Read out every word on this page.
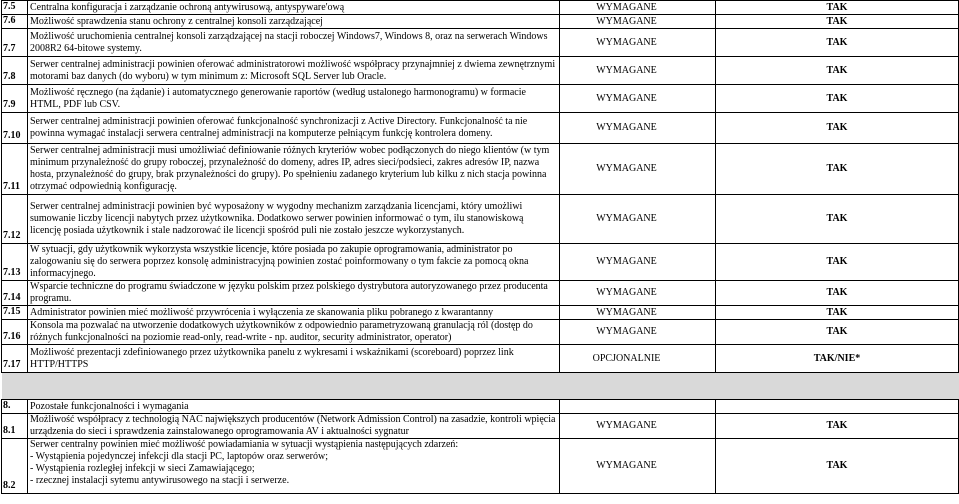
7.5	Centralna konfiguracja i zarządzanie ochroną antywirusową, antyspyware'ową	WYMAGANE	TAK
7.6	Możliwość sprawdzenia stanu ochrony z centralnej konsoli zarządzającej	WYMAGANE	TAK
7.7	Możliwość uruchomienia centralnej konsoli zarządzającej na stacji roboczej Windows7, Windows 8, oraz na serwerach Windows 2008R2 64-bitowe systemy.	WYMAGANE	TAK
7.8	Serwer centralnej administracji powinien oferować administratorowi możliwość współpracy przynajmniej z dwiema zewnętrznymi motorami baz danych (do wyboru) w tym minimum z: Microsoft SQL Server lub Oracle.	WYMAGANE	TAK
7.9	Możliwość ręcznego (na żądanie) i automatycznego generowanie raportów (według ustalonego harmonogramu) w formacie HTML, PDF lub CSV.	WYMAGANE	TAK
7.10	Serwer centralnej administracji powinien oferować funkcjonalność synchronizacji z Active Directory. Funkcjonalność ta nie powinna wymagać instalacji serwera centralnej administracji na komputerze pełniącym funkcję kontrolera domeny.	WYMAGANE	TAK
7.11	Serwer centralnej administracji musi umożliwiać definiowanie różnych kryteriów wobec podłączonych do niego klientów (w tym minimum przynależność do grupy roboczej, przynależność do domeny, adres IP, adres sieci/podsieci, zakres adresów IP, nazwa hosta, przynależność do grupy, brak przynależności do grupy). Po spełnieniu zadanego kryterium lub kilku z nich stacja powinna otrzymać odpowiednią konfigurację.	WYMAGANE	TAK
7.12	Serwer centralnej administracji powinien być wyposażony w wygodny mechanizm zarządzania licencjami, który umożliwi sumowanie liczby licencji nabytych przez użytkownika. Dodatkowo serwer powinien informować o tym, ilu stanowiskową licencję posiada użytkownik i stale nadzorować ile licencji spośród puli nie zostało jeszcze wykorzystanych.	WYMAGANE	TAK
7.13	W sytuacji, gdy użytkownik wykorzysta wszystkie licencje, które posiada po zakupie oprogramowania, administrator po zalogowaniu się do serwera poprzez konsolę administracyjną powinien zostać poinformowany o tym fakcie za pomocą okna informacyjnego.	WYMAGANE	TAK
7.14	Wsparcie techniczne do programu świadczone w języku polskim przez polskiego dystrybutora autoryzowanego przez producenta programu.	WYMAGANE	TAK
7.15	Administrator powinien mieć możliwość przywrócenia i wyłączenia ze skanowania pliku pobranego z kwarantanny	WYMAGANE	TAK
7.16	Konsola ma pozwalać na utworzenie dodatkowych użytkowników z odpowiednio parametryzowaną granulacją ról (dostęp do różnych funkcjonalności na poziomie read-only, read-write - np. auditor, security administrator, operator)	WYMAGANE	TAK
7.17	Możliwość prezentacji zdefiniowanego przez użytkownika panelu z wykresami i wskaźnikami (scoreboard) poprzez link HTTP/HTTPS	OPCJONALNIE	TAK/NIE*

8.	Pozostałe funkcjonalności i wymagania		
8.1	Możliwość współpracy z technologią NAC największych producentów (Network Admission Control) na zasadzie, kontroli wpięcia urządzenia do sieci i sprawdzenia zainstalowanego oprogramowania AV i aktualności sygnatur	WYMAGANE	TAK
8.2	Serwer centralny powinien mieć możliwość powiadamiania w sytuacji wystąpienia następujących zdarzeń:
- Wystąpienia pojedynczej infekcji dla stacji PC, laptopów oraz serwerów;
- Wystąpienia rozległej infekcji w sieci Zamawiającego;
- rzecznej instalacji sytemu antywirusowego na stacji i serwerze.	WYMAGANE	TAK
